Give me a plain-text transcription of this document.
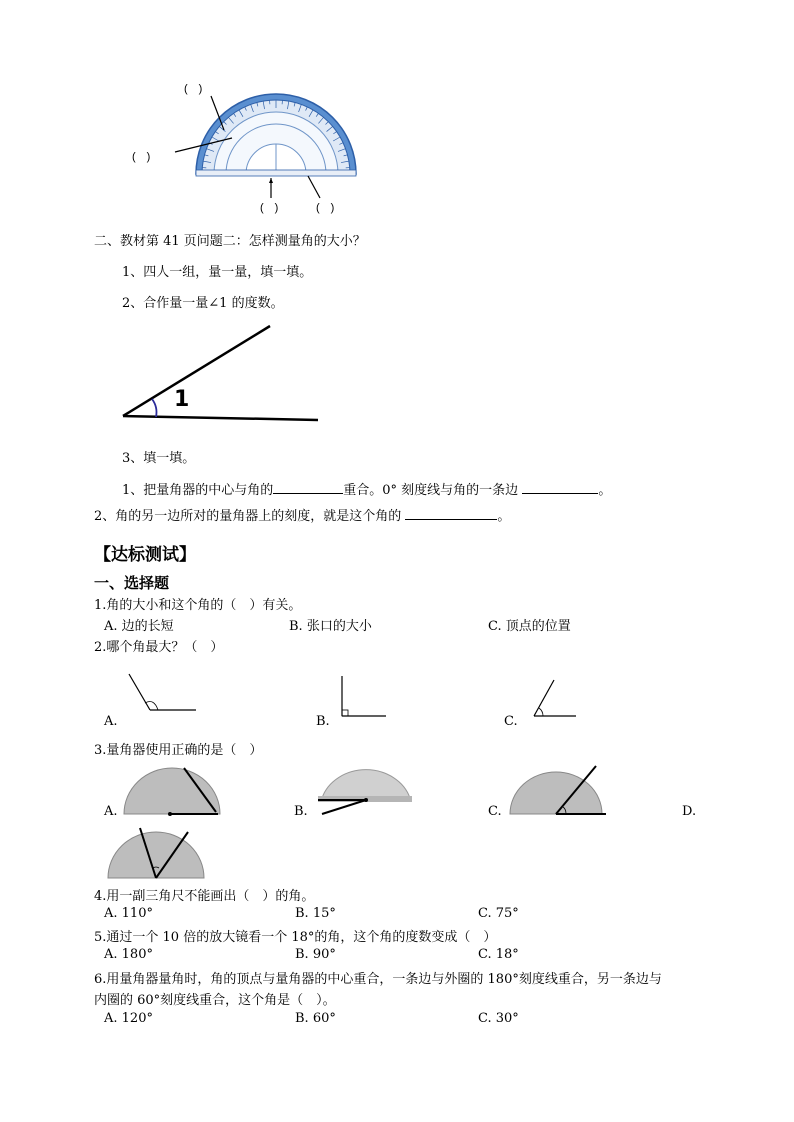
(　)
(　)
(　)	(　)
二、教材第 41 页问题二：怎样测量角的大小？
1、四人一组，量一量，填一填。
2、合作量一量∠1 的度数。
1
3、填一填。
1、把量角器的中心与角的	重合。0° 刻度线与角的一条边	。
2、角的另一边所对的量角器上的刻度，就是这个角的	。
【达标测试】
一、选择题
1.角的大小和这个角的（　）有关。
A. 边的长短	B. 张口的大小	C. 顶点的位置
2.哪个角最大？（　）
A.	B.	C.
3.量角器使用正确的是（　）
A.	B.	C.	D.
4.用一副三角尺不能画出（　）的角。
A. 110°	B. 15°	C. 75°
5.通过一个 10 倍的放大镜看一个 18°的角，这个角的度数变成（　）
A. 180°	B. 90°	C. 18°
6.用量角器量角时，角的顶点与量角器的中心重合，一条边与外圈的 180°刻度线重合，另一条边与
内圈的 60°刻度线重合，这个角是（　）。
A. 120°	B. 60°	C. 30°
